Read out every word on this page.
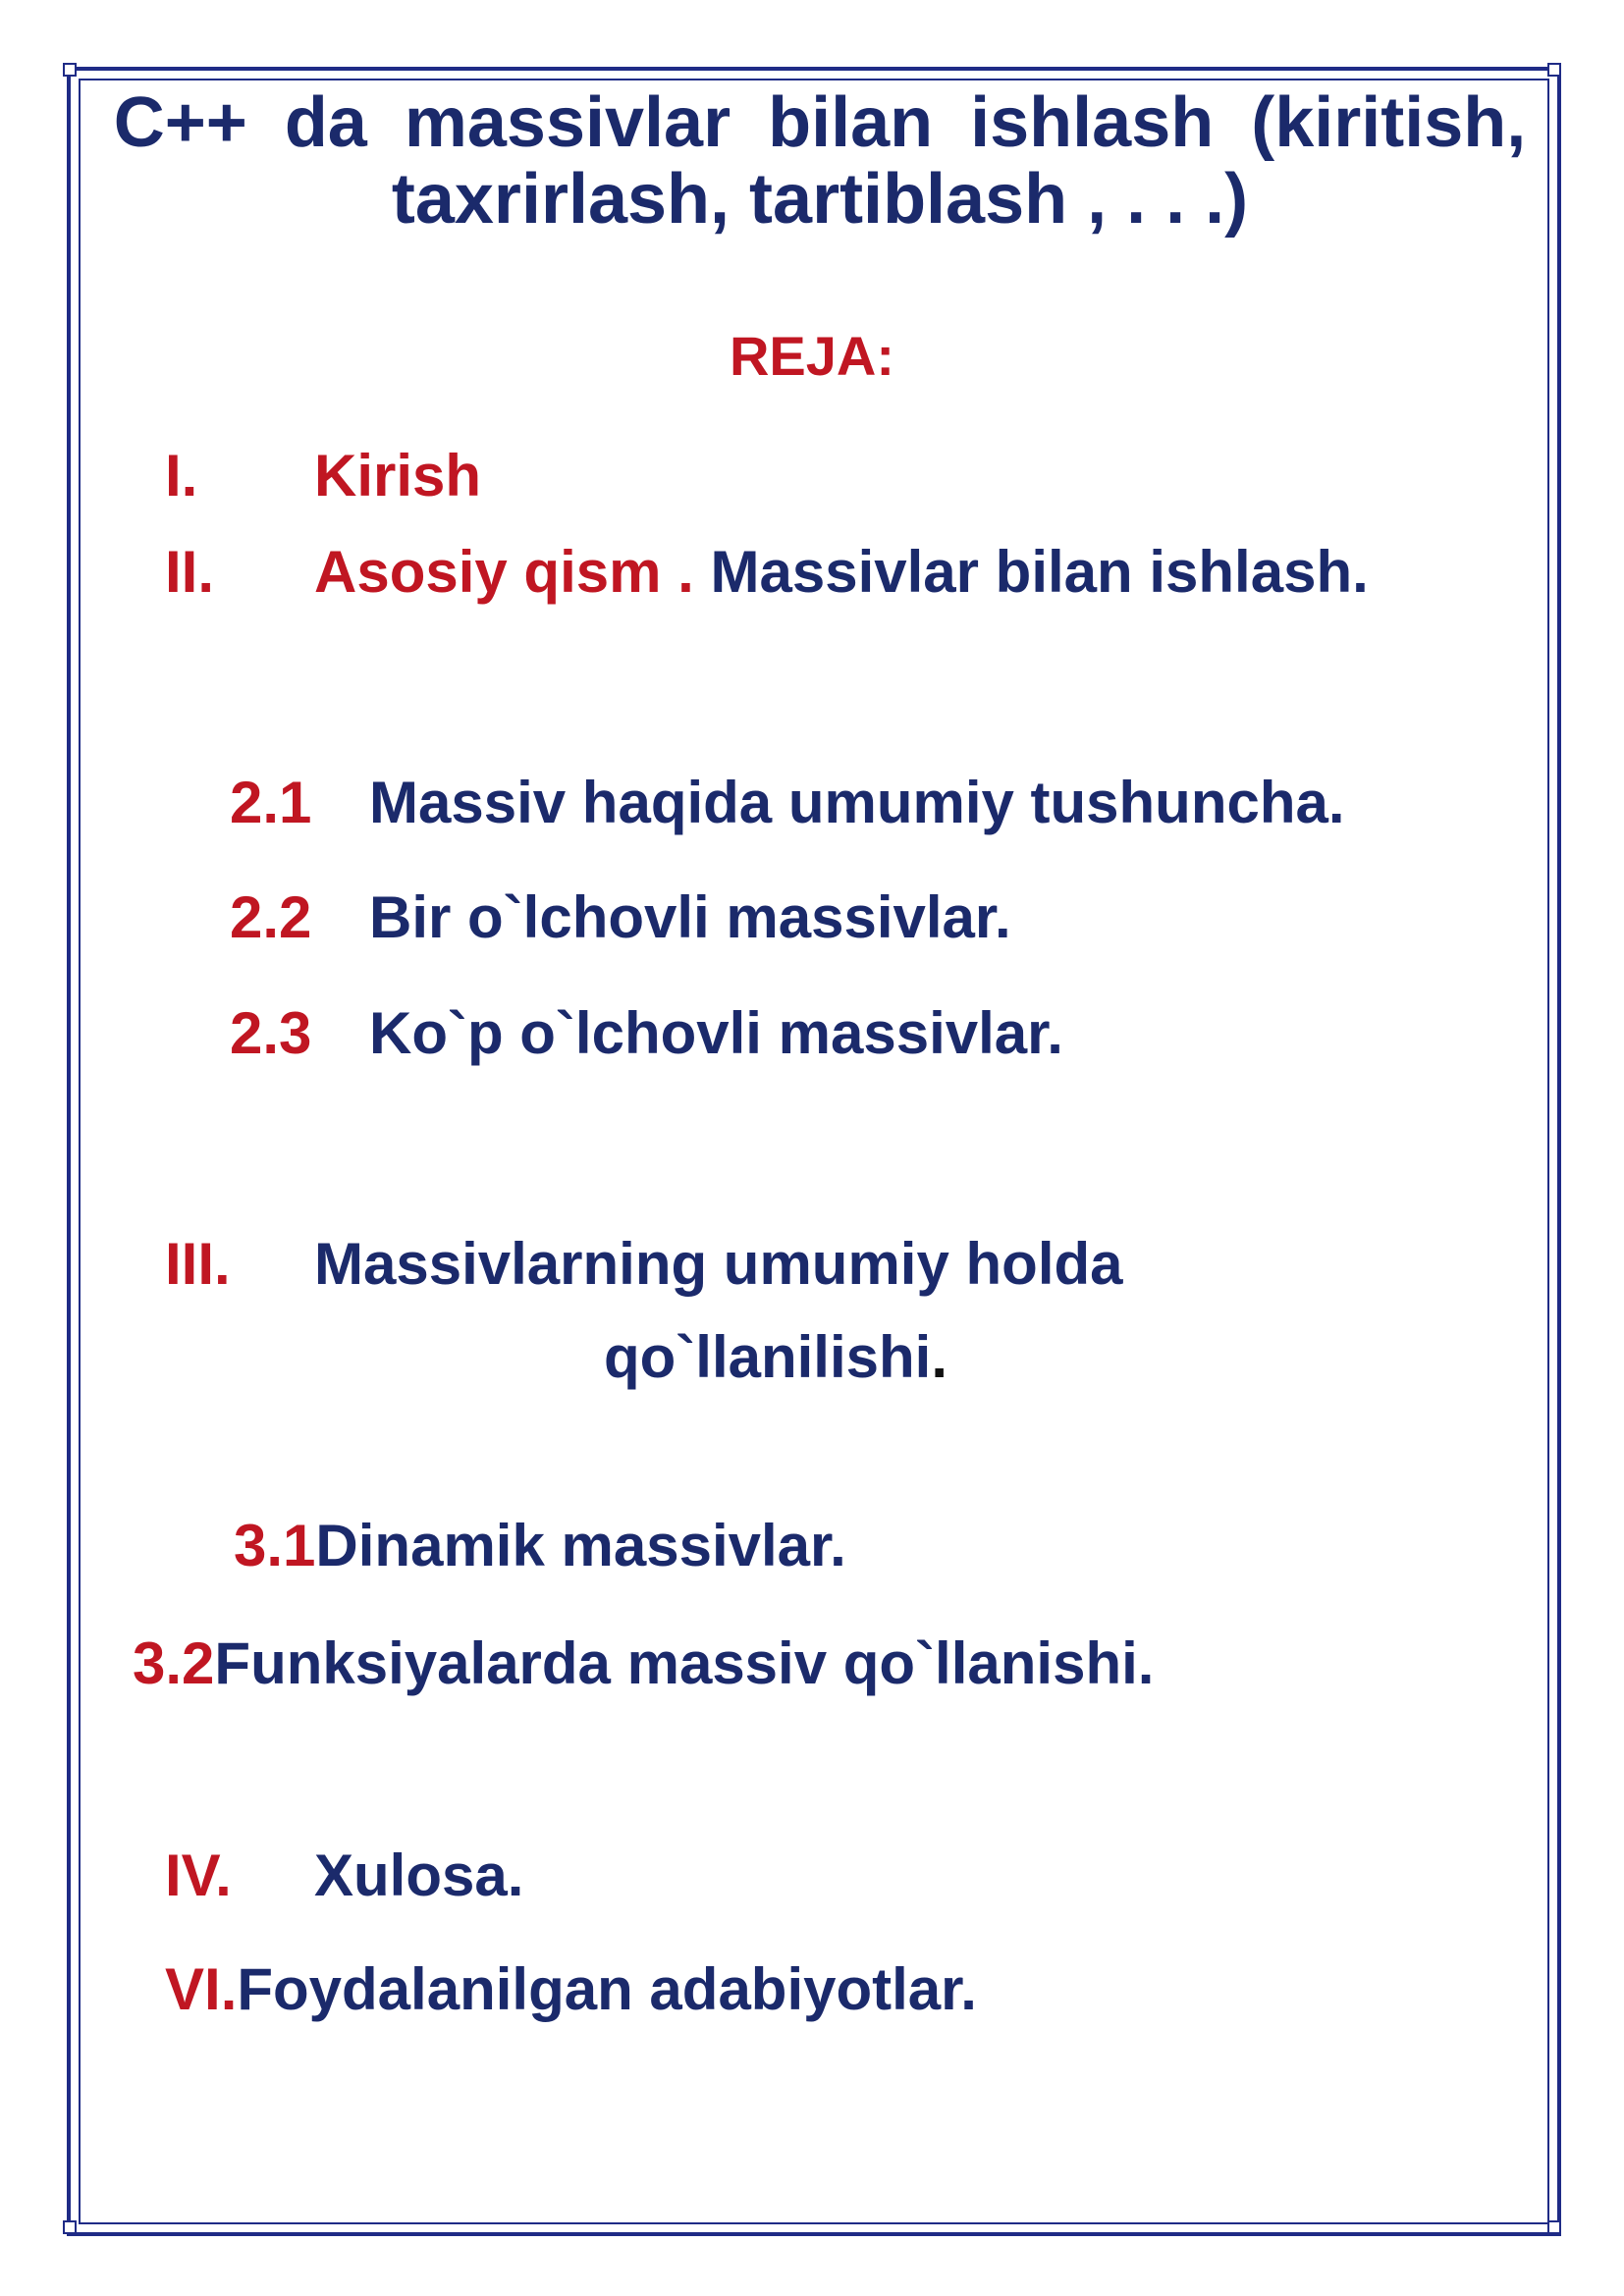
C++ da massivlar bilan ishlash (kiritish,
taxrirlash, tartiblash , . . .)
REJA:
I. Kirish
II. Asosiy qism . Massivlar bilan ishlash.
2.1 Massiv haqida umumiy tushuncha.
2.2 Bir o`lchovli massivlar.
2.3 Ko`p o`lchovli massivlar.
III. Massivlarning umumiy holda
qo`llanilishi.
3.1Dinamik massivlar.
3.2Funksiyalarda massiv qo`llanishi.
IV. Xulosa.
VI.Foydalanilgan adabiyotlar.
